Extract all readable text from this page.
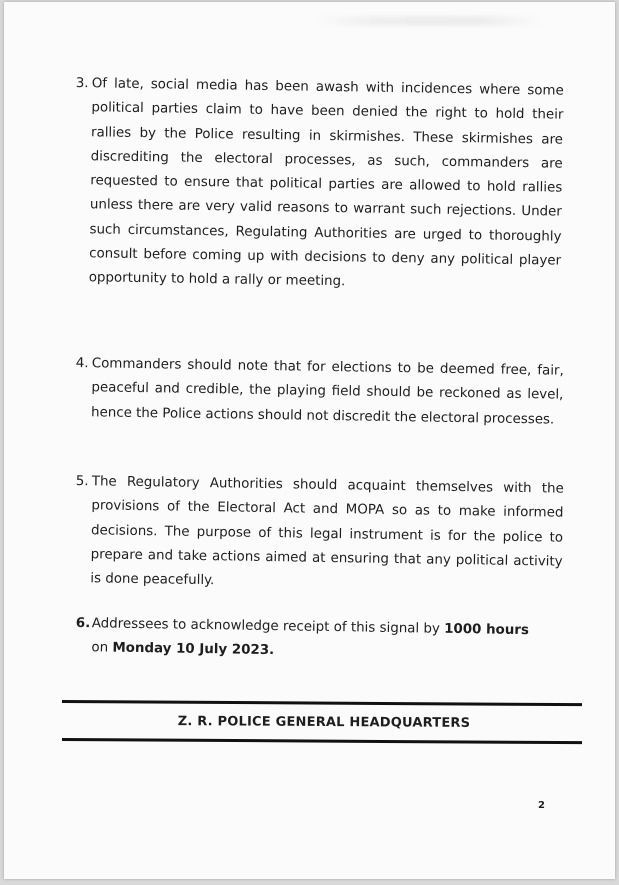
3. Of late, social media has been awash with incidences where some political parties claim to have been denied the right to hold their rallies by the Police resulting in skirmishes. These skirmishes are discrediting the electoral processes, as such, commanders are requested to ensure that political parties are allowed to hold rallies unless there are very valid reasons to warrant such rejections. Under such circumstances, Regulating Authorities are urged to thoroughly consult before coming up with decisions to deny any political player opportunity to hold a rally or meeting.
4. Commanders should note that for elections to be deemed free, fair, peaceful and credible, the playing field should be reckoned as level, hence the Police actions should not discredit the electoral processes.
5. The Regulatory Authorities should acquaint themselves with the provisions of the Electoral Act and MOPA so as to make informed decisions. The purpose of this legal instrument is for the police to prepare and take actions aimed at ensuring that any political activity is done peacefully.
6. Addressees to acknowledge receipt of this signal by 1000 hours
on Monday 10 July 2023.
Z. R. POLICE GENERAL HEADQUARTERS
2
